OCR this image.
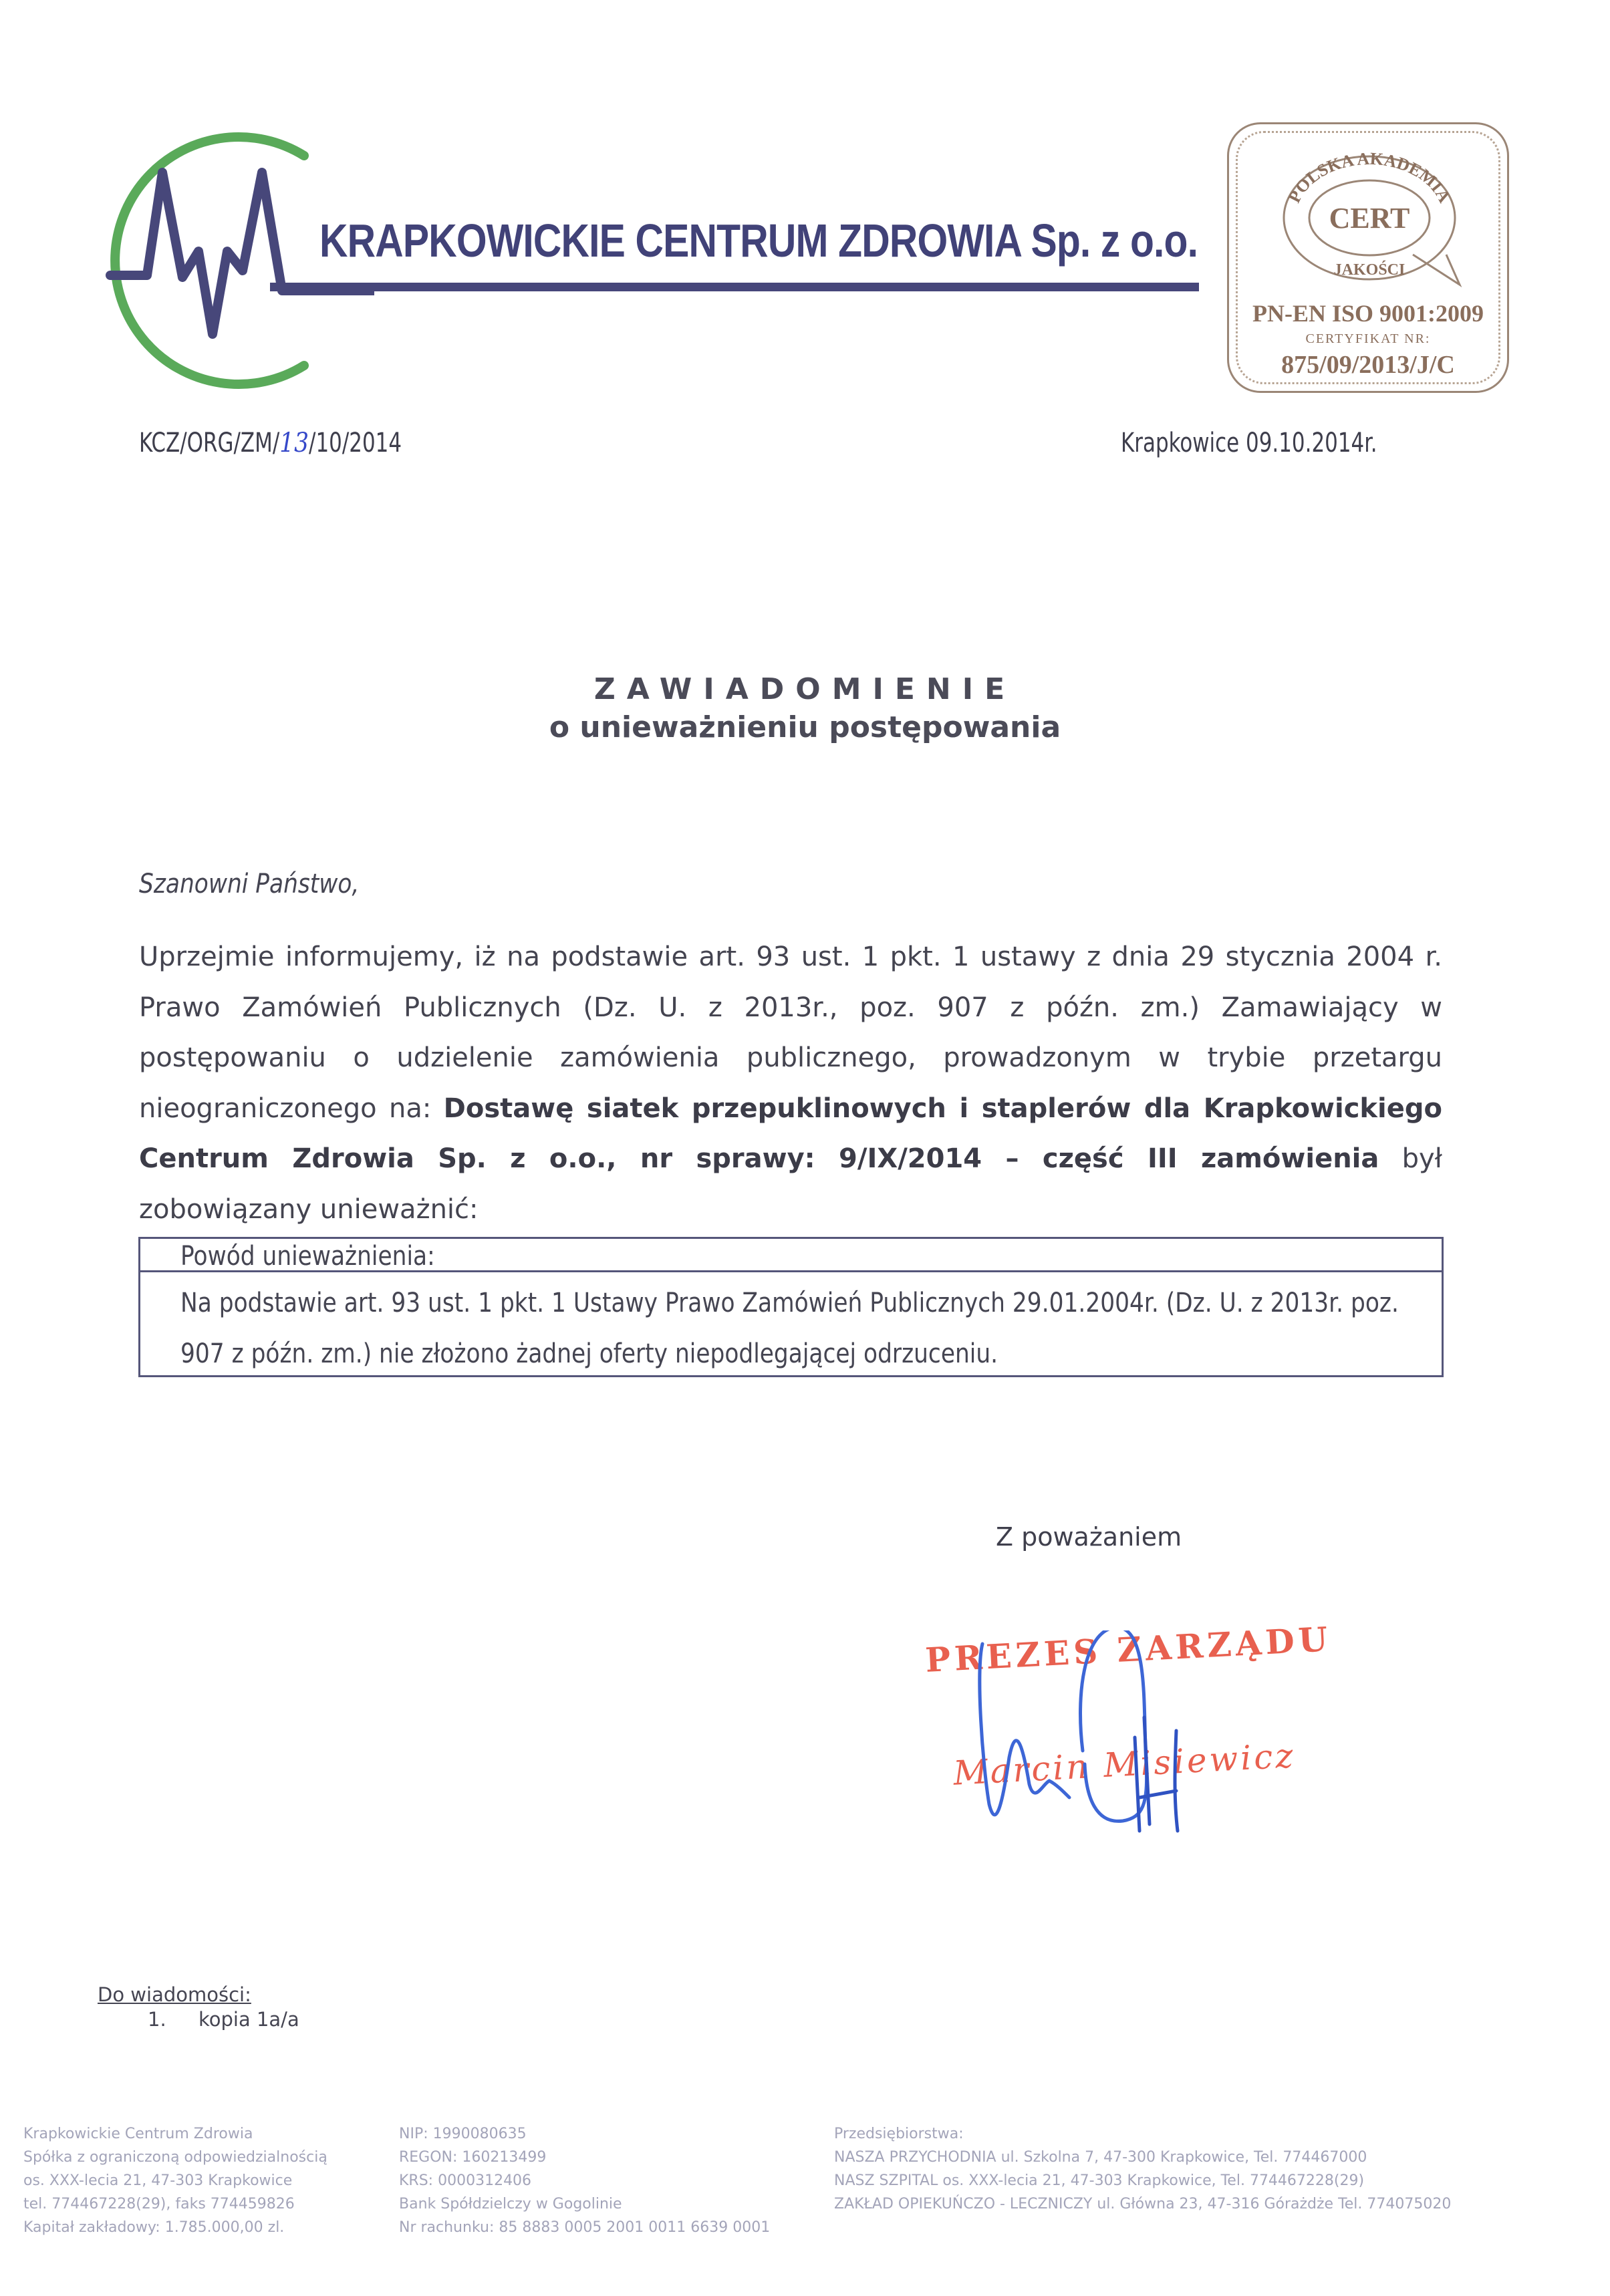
KRAPKOWICKIE CENTRUM ZDROWIA Sp. z o.o.
POLSKA AKADEMIA
CERT
JAKOŚCI
PN-EN ISO 9001:2009
CERTYFIKAT NR:
875/09/2013/J/C
KCZ/ORG/ZM/13/10/2014	Krapkowice 09.10.2014r.
ZAWIADOMIENIE
o unieważnieniu postępowania
Szanowni Państwo,
Uprzejmie informujemy, iż na podstawie art. 93 ust. 1 pkt. 1 ustawy z dnia 29 stycznia 2004 r. Prawo Zamówień Publicznych (Dz. U. z 2013r., poz. 907 z późn. zm.) Zamawiający w postępowaniu o udzielenie zamówienia publicznego, prowadzonym w trybie przetargu nieograniczonego na: Dostawę siatek przepuklinowych i staplerów dla Krapkowickiego Centrum Zdrowia Sp. z o.o., nr sprawy: 9/IX/2014 – część III zamówienia był zobowiązany unieważnić:
Powód unieważnienia:
Na podstawie art. 93 ust. 1 pkt. 1 Ustawy Prawo Zamówień Publicznych 29.01.2004r. (Dz. U. z 2013r. poz. 907 z późn. zm.) nie złożono żadnej oferty niepodlegającej odrzuceniu.
Z poważaniem
PREZES ZARZĄDU
Marcin Misiewicz
Do wiadomości:
1. kopia 1a/a
Krapkowickie Centrum Zdrowia
Spółka z ograniczoną odpowiedzialnością
os. XXX-lecia 21, 47-303 Krapkowice
tel. 774467228(29), faks 774459826
Kapitał zakładowy: 1.785.000,00 zl.
NIP: 1990080635
REGON: 160213499
KRS: 0000312406
Bank Spółdzielczy w Gogolinie
Nr rachunku: 85 8883 0005 2001 0011 6639 0001
Przedsiębiorstwa:
NASZA PRZYCHODNIA ul. Szkolna 7, 47-300 Krapkowice, Tel. 774467000
NASZ SZPITAL os. XXX-lecia 21, 47-303 Krapkowice, Tel. 774467228(29)
ZAKŁAD OPIEKUŃCZO - LECZNICZY ul. Główna 23, 47-316 Górażdże Tel. 774075020
